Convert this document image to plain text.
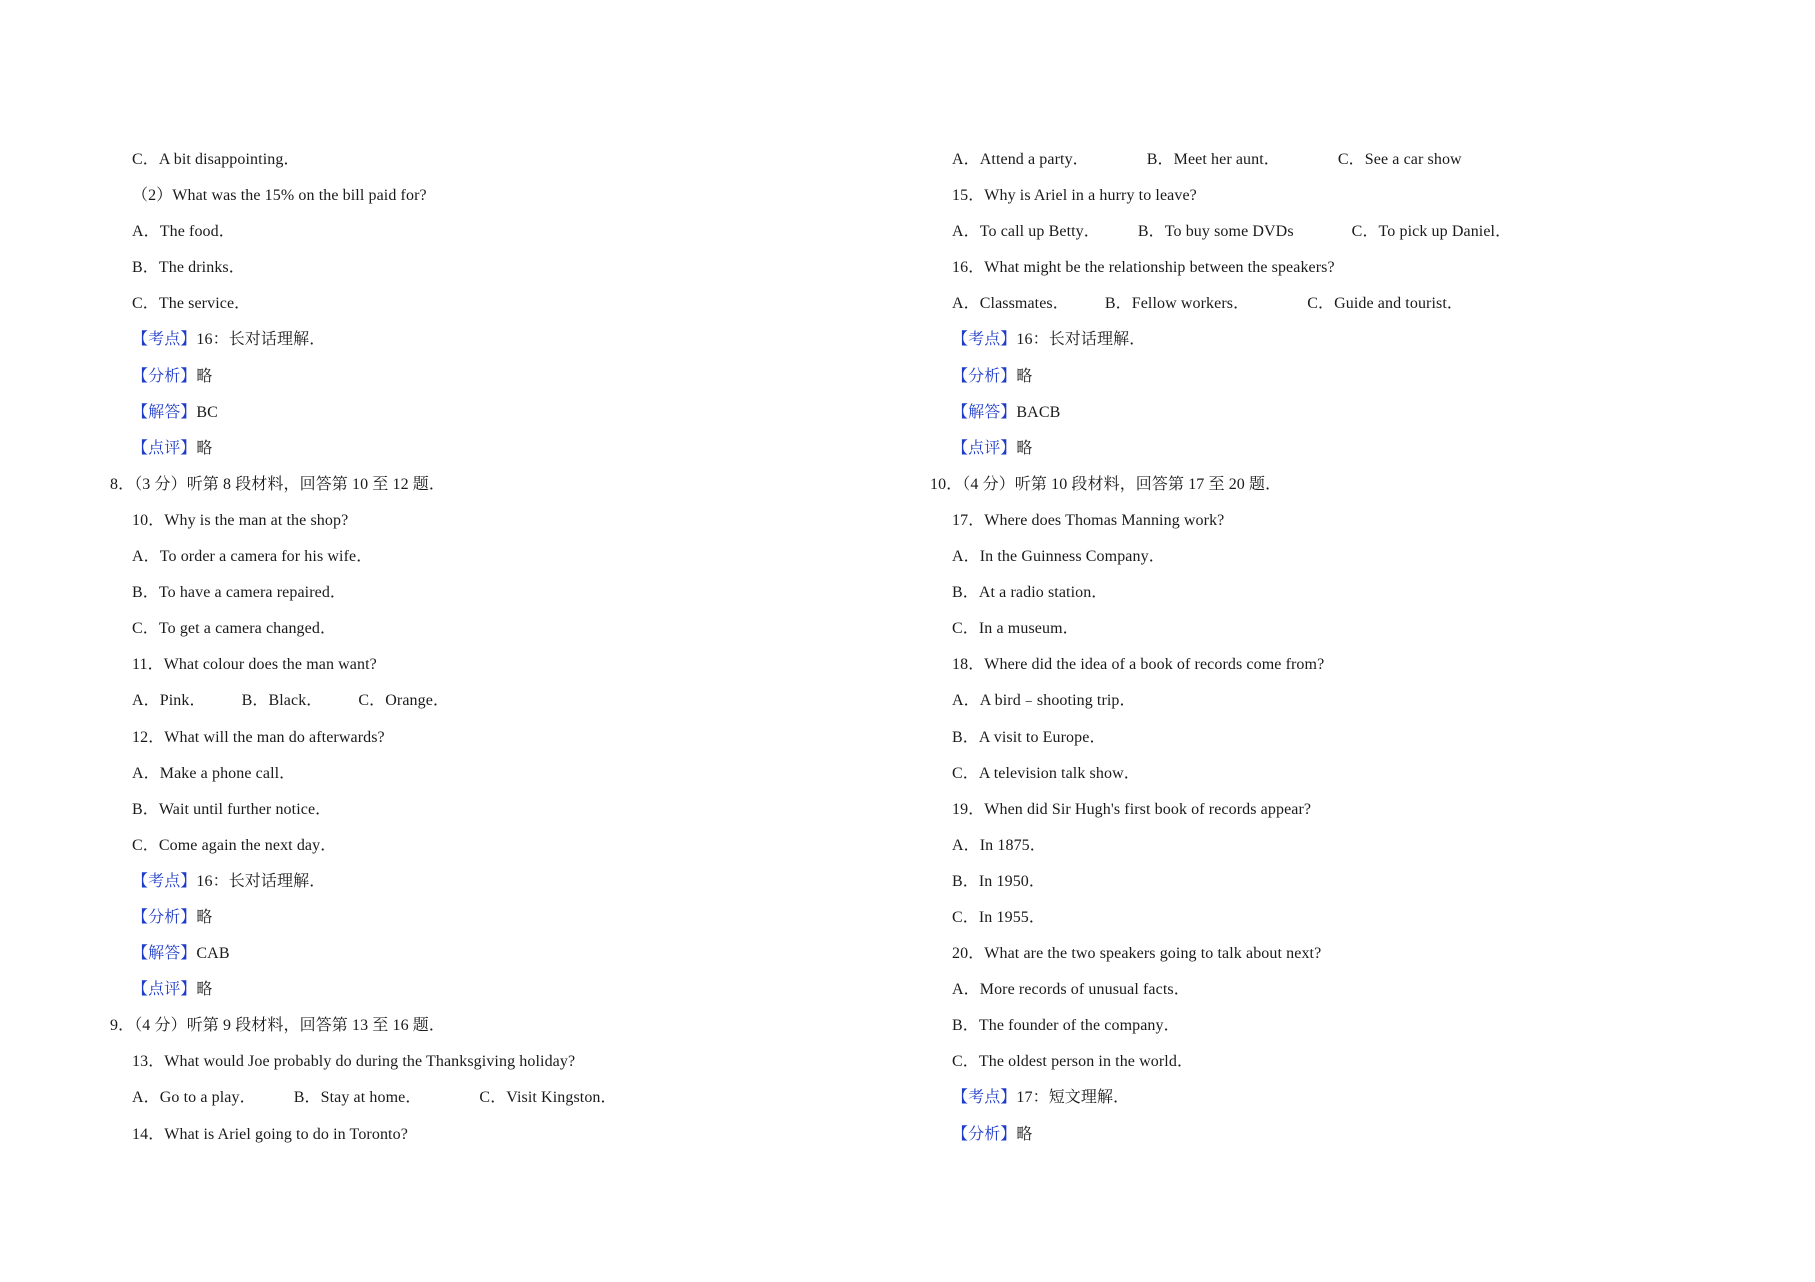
C．A bit disappointing．
（2）What was the 15% on the bill paid for?
A．The food．
B．The drinks．
C．The service．
【考点】16：长对话理解．
【分析】略
【解答】BC
【点评】略
8．（3 分）听第 8 段材料，回答第 10 至 12 题．
10．Why is the man at the shop?
A．To order a camera for his wife．
B．To have a camera repaired．
C．To get a camera changed．
11．What colour does the man want?
A．Pink． B．Black． C．Orange．
12．What will the man do afterwards?
A．Make a phone call．
B．Wait until further notice．
C．Come again the next day．
【考点】16：长对话理解．
【分析】略
【解答】CAB
【点评】略
9．（4 分）听第 9 段材料，回答第 13 至 16 题．
13．What would Joe probably do during the Thanksgiving holiday?
A．Go to a play． B．Stay at home．	C．Visit Kingston．
14．What is Ariel going to do in Toronto?
A．Attend a party．	B．Meet her aunt．	C．See a car show
15．Why is Ariel in a hurry to leave?
A．To call up Betty． B．To buy some DVDs	C．To pick up Daniel．
16．What might be the relationship between the speakers?
A．Classmates． B．Fellow workers．	C．Guide and tourist．
【考点】16：长对话理解．
【分析】略
【解答】BACB
【点评】略
10．（4 分）听第 10 段材料，回答第 17 至 20 题．
17．Where does Thomas Manning work?
A．In the Guinness Company．
B．At a radio station．
C．In a museum．
18．Where did the idea of a book of records come from?
A．A bird﹣shooting trip．
B．A visit to Europe．
C．A television talk show．
19．When did Sir Hugh's first book of records appear?
A．In 1875．
B．In 1950．
C．In 1955．
20．What are the two speakers going to talk about next?
A．More records of unusual facts．
B．The founder of the company．
C．The oldest person in the world．
【考点】17：短文理解．
【分析】略
